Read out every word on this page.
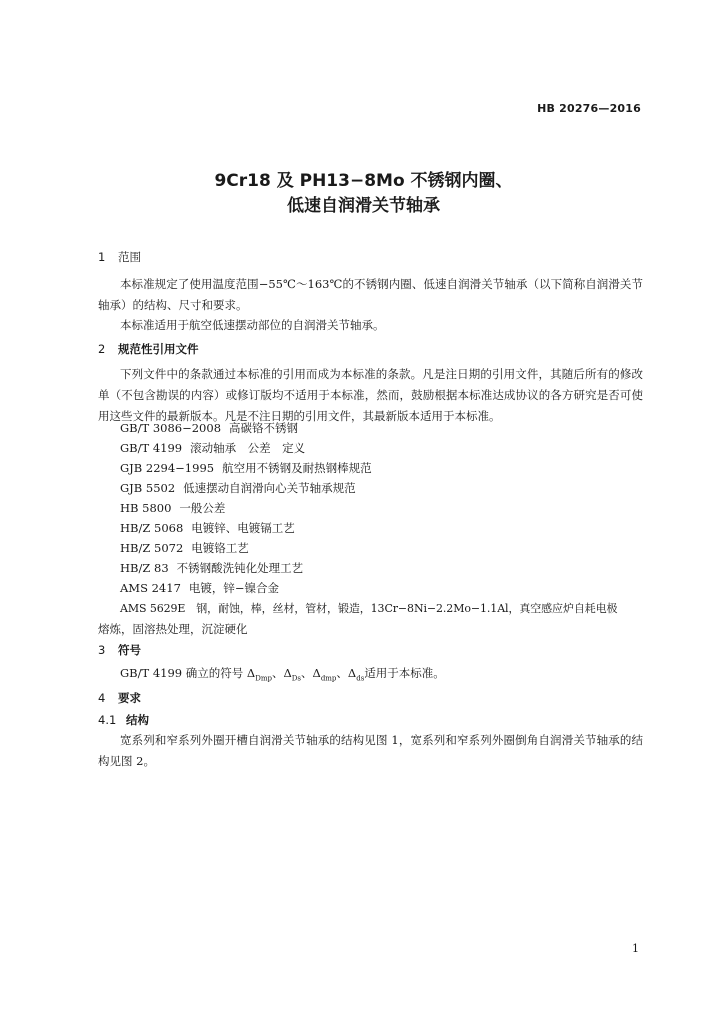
HB 20276—2016
9Cr18 及 PH13−8Mo 不锈钢内圈、
低速自润滑关节轴承
1 范围
本标准规定了使用温度范围−55℃～163℃的不锈钢内圈、低速自润滑关节轴承（以下简称自润滑关节轴承）的结构、尺寸和要求。
本标准适用于航空低速摆动部位的自润滑关节轴承。
2 规范性引用文件
下列文件中的条款通过本标准的引用而成为本标准的条款。凡是注日期的引用文件，其随后所有的修改单（不包含勘误的内容）或修订版均不适用于本标准，然而，鼓励根据本标准达成协议的各方研究是否可使用这些文件的最新版本。凡是不注日期的引用文件，其最新版本适用于本标准。
GB/T 3086−2008 高碳铬不锈钢
GB/T 4199 滚动轴承　公差　定义
GJB 2294−1995 航空用不锈钢及耐热钢棒规范
GJB 5502 低速摆动自润滑向心关节轴承规范
HB 5800 一般公差
HB/Z 5068 电镀锌、电镀镉工艺
HB/Z 5072 电镀铬工艺
HB/Z 83 不锈钢酸洗钝化处理工艺
AMS 2417 电镀，锌−镍合金
AMS 5629E　钢，耐蚀，棒，丝材，管材，锻造，13Cr−8Ni−2.2Mo−1.1Al，真空感应炉自耗电极
熔炼，固溶热处理，沉淀硬化
3 符号
GB/T 4199 确立的符号 $\Delta_{Dmp}$、$\Delta_{Ds}$、$\Delta_{dmp}$、$\Delta_{ds}$适用于本标准。
4 要求
4.1 结构
宽系列和窄系列外圈开槽自润滑关节轴承的结构见图 1，宽系列和窄系列外圈倒角自润滑关节轴承的结构见图 2。
1
